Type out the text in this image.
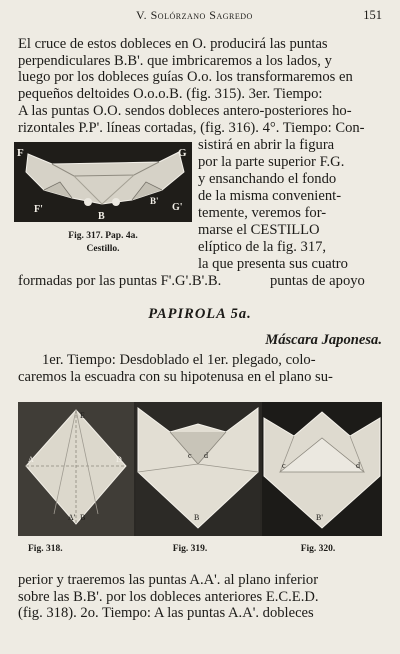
V. Solórzano Sagredo	151

El cruce de estos dobleces en O. producirá las puntas
perpendiculares B.B'. que imbricaremos a los lados, y
luego por los dobleces guías O.o. los transformaremos en
pequeños deltoides O.o.o.B. (fig. 315). 3er. Tiempo:
A las puntas O.O. sendos dobleces antero-posteriores ho-
rizontales P.P'. líneas cortadas, (fig. 316). 4°. Tiempo: Con-

F	G
F'	G'
B
B'
Fig. 317. Pap. 4a.
Cestillo.
sistirá en abrir la figura
por la parte superior F.G.
y ensanchando el fondo
de la misma convenient-
temente, veremos for-
marse el CESTILLO
elíptico de la fig. 317,
la que presenta sus cuatro
puntas de apoyo
formadas por las puntas F'.G'.B'.B.
PAPIROLA 5a.
Máscara Japonesa.

1er. Tiempo: Desdoblado el 1er. plegado, colo-
caremos la escuadra con su hipotenusa en el plano su-

E
A	D
A' B
c d
B
c	d
B'
Fig. 318.	Fig. 319.	Fig. 320.

perior y traeremos las puntas A.A'. al plano inferior
sobre las B.B'. por los dobleces anteriores E.C.E.D.
(fig. 318). 2o. Tiempo: A las puntas A.A'. dobleces
